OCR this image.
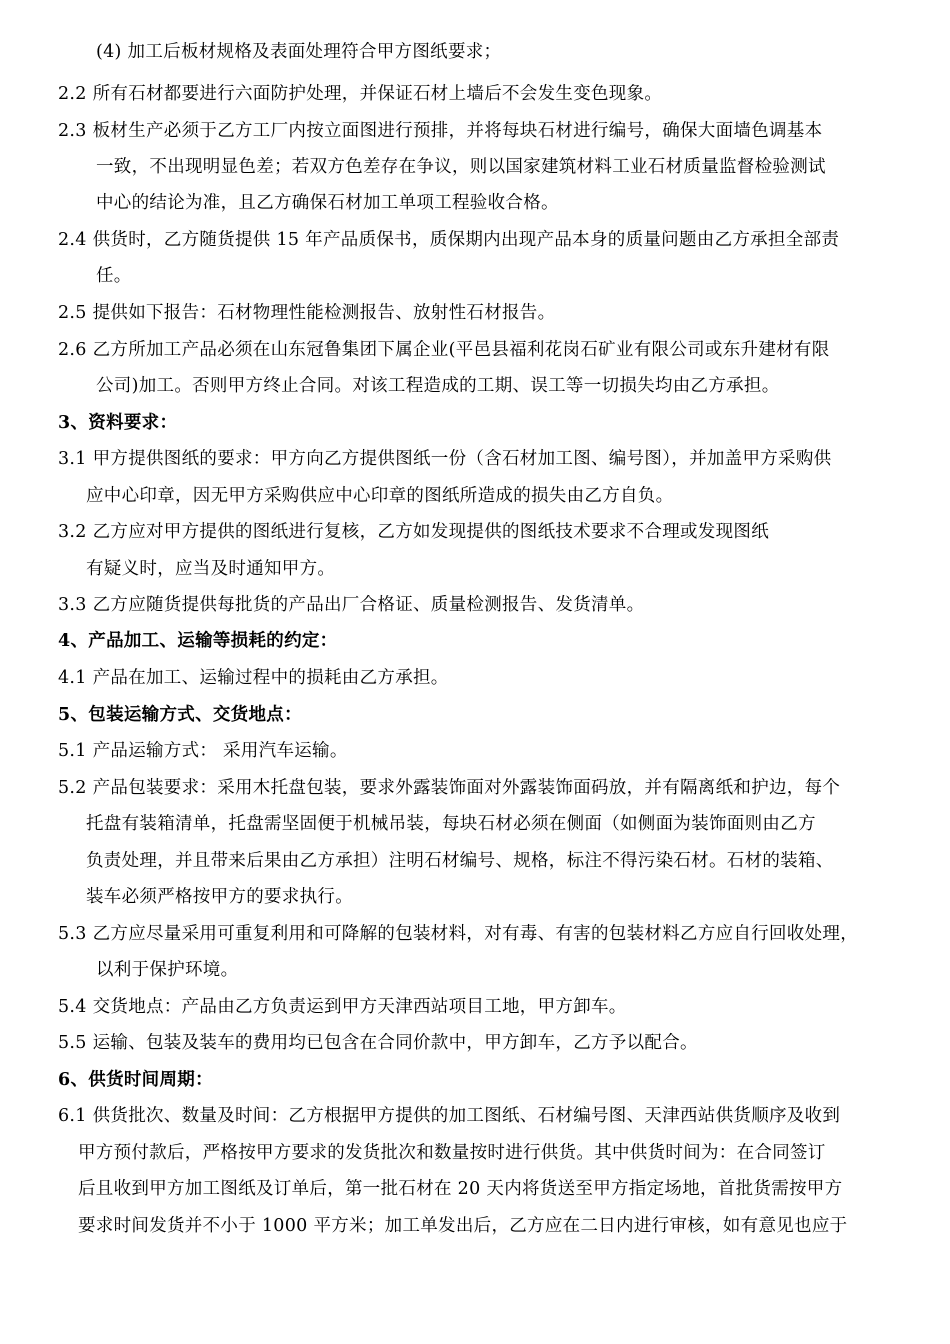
(4) 加工后板材规格及表面处理符合甲方图纸要求；
2.2 所有石材都要进行六面防护处理，并保证石材上墙后不会发生变色现象。
2.3 板材生产必须于乙方工厂内按立面图进行预排，并将每块石材进行编号，确保大面墙色调基本
一致，不出现明显色差；若双方色差存在争议，则以国家建筑材料工业石材质量监督检验测试
中心的结论为准，且乙方确保石材加工单项工程验收合格。
2.4 供货时，乙方随货提供 15 年产品质保书，质保期内出现产品本身的质量问题由乙方承担全部责
任。
2.5 提供如下报告：石材物理性能检测报告、放射性石材报告。
2.6 乙方所加工产品必须在山东冠鲁集团下属企业(平邑县福利花岗石矿业有限公司或东升建材有限
公司)加工。否则甲方终止合同。对该工程造成的工期、误工等一切损失均由乙方承担。
3、资料要求：
3.1 甲方提供图纸的要求：甲方向乙方提供图纸一份（含石材加工图、编号图），并加盖甲方采购供
应中心印章，因无甲方采购供应中心印章的图纸所造成的损失由乙方自负。
3.2 乙方应对甲方提供的图纸进行复核，乙方如发现提供的图纸技术要求不合理或发现图纸
有疑义时，应当及时通知甲方。
3.3 乙方应随货提供每批货的产品出厂合格证、质量检测报告、发货清单。
4、产品加工、运输等损耗的约定：
4.1 产品在加工、运输过程中的损耗由乙方承担。
5、包装运输方式、交货地点：
5.1 产品运输方式： 采用汽车运输。
5.2 产品包装要求：采用木托盘包装，要求外露装饰面对外露装饰面码放，并有隔离纸和护边，每个
托盘有装箱清单，托盘需坚固便于机械吊装，每块石材必须在侧面（如侧面为装饰面则由乙方
负责处理，并且带来后果由乙方承担）注明石材编号、规格，标注不得污染石材。石材的装箱、
装车必须严格按甲方的要求执行。
5.3 乙方应尽量采用可重复利用和可降解的包装材料，对有毒、有害的包装材料乙方应自行回收处理，
以利于保护环境。
5.4 交货地点：产品由乙方负责运到甲方天津西站项目工地，甲方卸车。
5.5 运输、包装及装车的费用均已包含在合同价款中，甲方卸车，乙方予以配合。
6、供货时间周期：
6.1 供货批次、数量及时间：乙方根据甲方提供的加工图纸、石材编号图、天津西站供货顺序及收到
甲方预付款后，严格按甲方要求的发货批次和数量按时进行供货。其中供货时间为：在合同签订
后且收到甲方加工图纸及订单后，第一批石材在 20 天内将货送至甲方指定场地，首批货需按甲方
要求时间发货并不小于 1000 平方米；加工单发出后，乙方应在二日内进行审核，如有意见也应于
